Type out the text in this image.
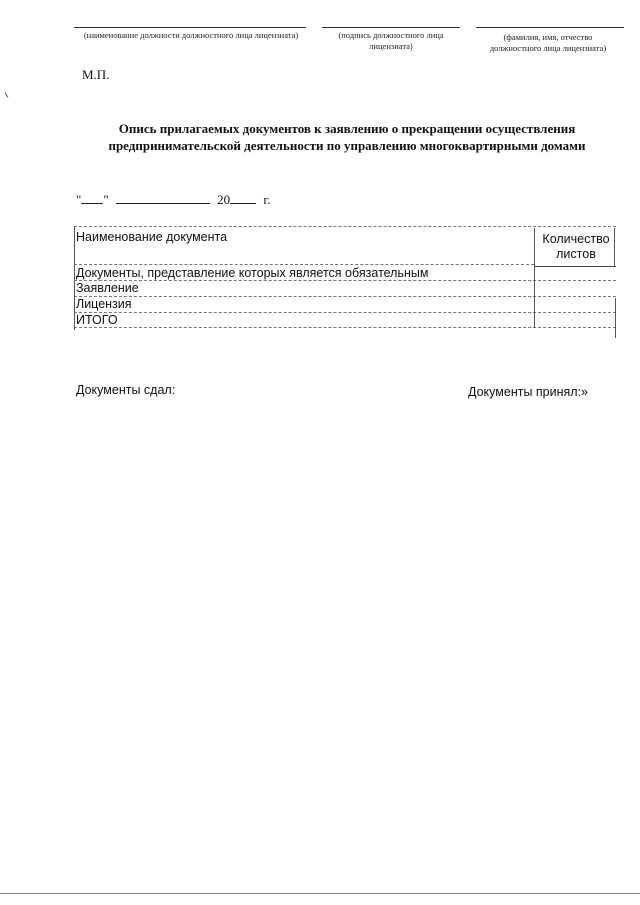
(наименование должности должностного лица лицензиата)	(подпись должностного лица лицензиата)
(фамилия, имя, отчество должностного лица лицензиата)
М.П.
Опись прилагаемых документов к заявлению о прекращении осуществления предпринимательской деятельности по управлению многоквартирными домами
" "	20	г.
Наименование документа	Количество листов
Документы, представление которых является обязательным
Заявление
Лицензия
ИТОГО
Документы сдал:	Документы принял:»
